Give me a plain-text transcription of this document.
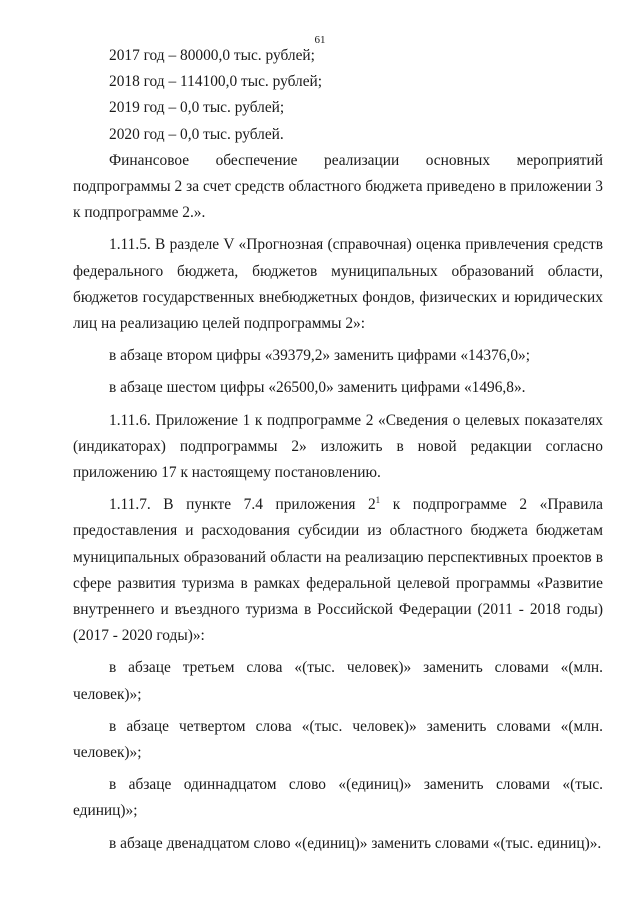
61

2017 год – 80000,0 тыс. рублей;

2018 год – 114100,0 тыс. рублей;

2019 год – 0,0 тыс. рублей;

2020 год – 0,0 тыс. рублей.

Финансовое обеспечение реализации основных мероприятий подпрограммы 2 за счет средств областного бюджета приведено в приложении 3 к подпрограмме 2.».

1.11.5. В разделе V «Прогнозная (справочная) оценка привлечения средств федерального бюджета, бюджетов муниципальных образований области, бюджетов государственных внебюджетных фондов, физических и юридических лиц на реализацию целей подпрограммы 2»:

в абзаце втором цифры «39379,2» заменить цифрами «14376,0»;

в абзаце шестом цифры «26500,0» заменить цифрами «1496,8».

1.11.6. Приложение 1 к подпрограмме 2 «Сведения о целевых показателях (индикаторах) подпрограммы 2» изложить в новой редакции согласно приложению 17 к настоящему постановлению.

1.11.7. В пункте 7.4 приложения $2^1$ к подпрограмме 2 «Правила предоставления и расходования субсидии из областного бюджета бюджетам муниципальных образований области на реализацию перспективных проектов в сфере развития туризма в рамках федеральной целевой программы «Развитие внутреннего и въездного туризма в Российской Федерации (2011 - 2018 годы) (2017 - 2020 годы)»:

в абзаце третьем слова «(тыс. человек)» заменить словами «(млн. человек)»;

в абзаце четвертом слова «(тыс. человек)» заменить словами «(млн. человек)»;

в абзаце одиннадцатом слово «(единиц)» заменить словами «(тыс. единиц)»;

в абзаце двенадцатом слово «(единиц)» заменить словами «(тыс. единиц)».
